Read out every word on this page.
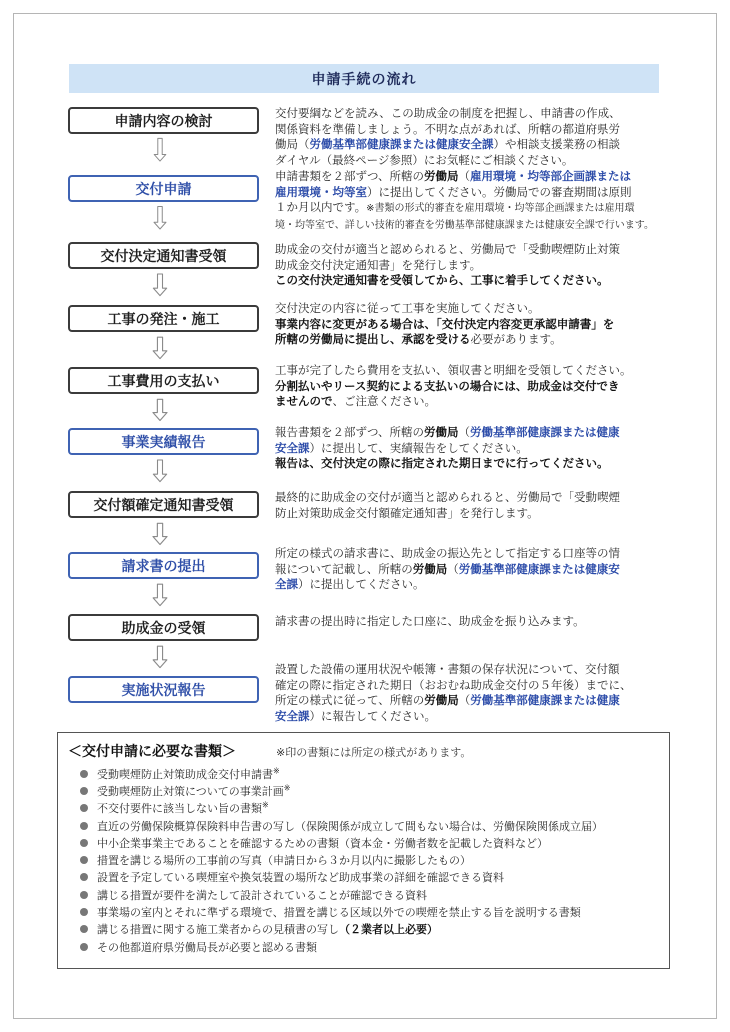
申請手続の流れ
申請内容の検討
交付要綱などを読み、この助成金の制度を把握し、申請書の作成、
関係資料を準備しましょう。不明な点があれば、所轄の都道府県労
働局（労働基準部健康課または健康安全課）や相談支援業務の相談
ダイヤル（最終ページ参照）にお気軽にご相談ください。
交付申請
申請書類を２部ずつ、所轄の労働局（雇用環境・均等部企画課または
雇用環境・均等室）に提出してください。労働局での審査期間は原則
１か月以内です。※書類の形式的審査を雇用環境・均等部企画課または雇用環
境・均等室で、詳しい技術的審査を労働基準部健康課または健康安全課で行います。
交付決定通知書受領	助成金の交付が適当と認められると、労働局で「受動喫煙防止対策
助成金交付決定通知書」を発行します。
この交付決定通知書を受領してから、工事に着手してください。
工事の発注・施工
交付決定の内容に従って工事を実施してください。
事業内容に変更がある場合は、「交付決定内容変更承認申請書」を
所轄の労働局に提出し、承認を受ける必要があります。
工事費用の支払い
工事が完了したら費用を支払い、領収書と明細を受領してください。
分割払いやリース契約による支払いの場合には、助成金は交付でき
ませんので、ご注意ください。
事業実績報告
報告書類を２部ずつ、所轄の労働局（労働基準部健康課または健康
安全課）に提出して、実績報告をしてください。
報告は、交付決定の際に指定された期日までに行ってください。
交付額確定通知書受領
最終的に助成金の交付が適当と認められると、労働局で「受動喫煙
防止対策助成金交付額確定通知書」を発行します。
請求書の提出
所定の様式の請求書に、助成金の振込先として指定する口座等の情
報について記載し、所轄の労働局（労働基準部健康課または健康安
全課）に提出してください。
助成金の受領	請求書の提出時に指定した口座に、助成金を振り込みます。
実施状況報告
設置した設備の運用状況や帳簿・書類の保存状況について、交付額
確定の際に指定された期日（おおむね助成金交付の５年後）までに、
所定の様式に従って、所轄の労働局（労働基準部健康課または健康
安全課）に報告してください。
＜交付申請に必要な書類＞	※印の書類には所定の様式があります。
受動喫煙防止対策助成金交付申請書※
受動喫煙防止対策についての事業計画※
不交付要件に該当しない旨の書類※
直近の労働保険概算保険料申告書の写し（保険関係が成立して間もない場合は、労働保険関係成立届）
中小企業事業主であることを確認するための書類（資本金・労働者数を記載した資料など）
措置を講じる場所の工事前の写真（申請日から３か月以内に撮影したもの）
設置を予定している喫煙室や換気装置の場所など助成事業の詳細を確認できる資料
講じる措置が要件を満たして設計されていることが確認できる資料
事業場の室内とそれに準ずる環境で、措置を講じる区域以外での喫煙を禁止する旨を説明する書類
講じる措置に関する施工業者からの見積書の写し（２業者以上必要）
その他都道府県労働局長が必要と認める書類
